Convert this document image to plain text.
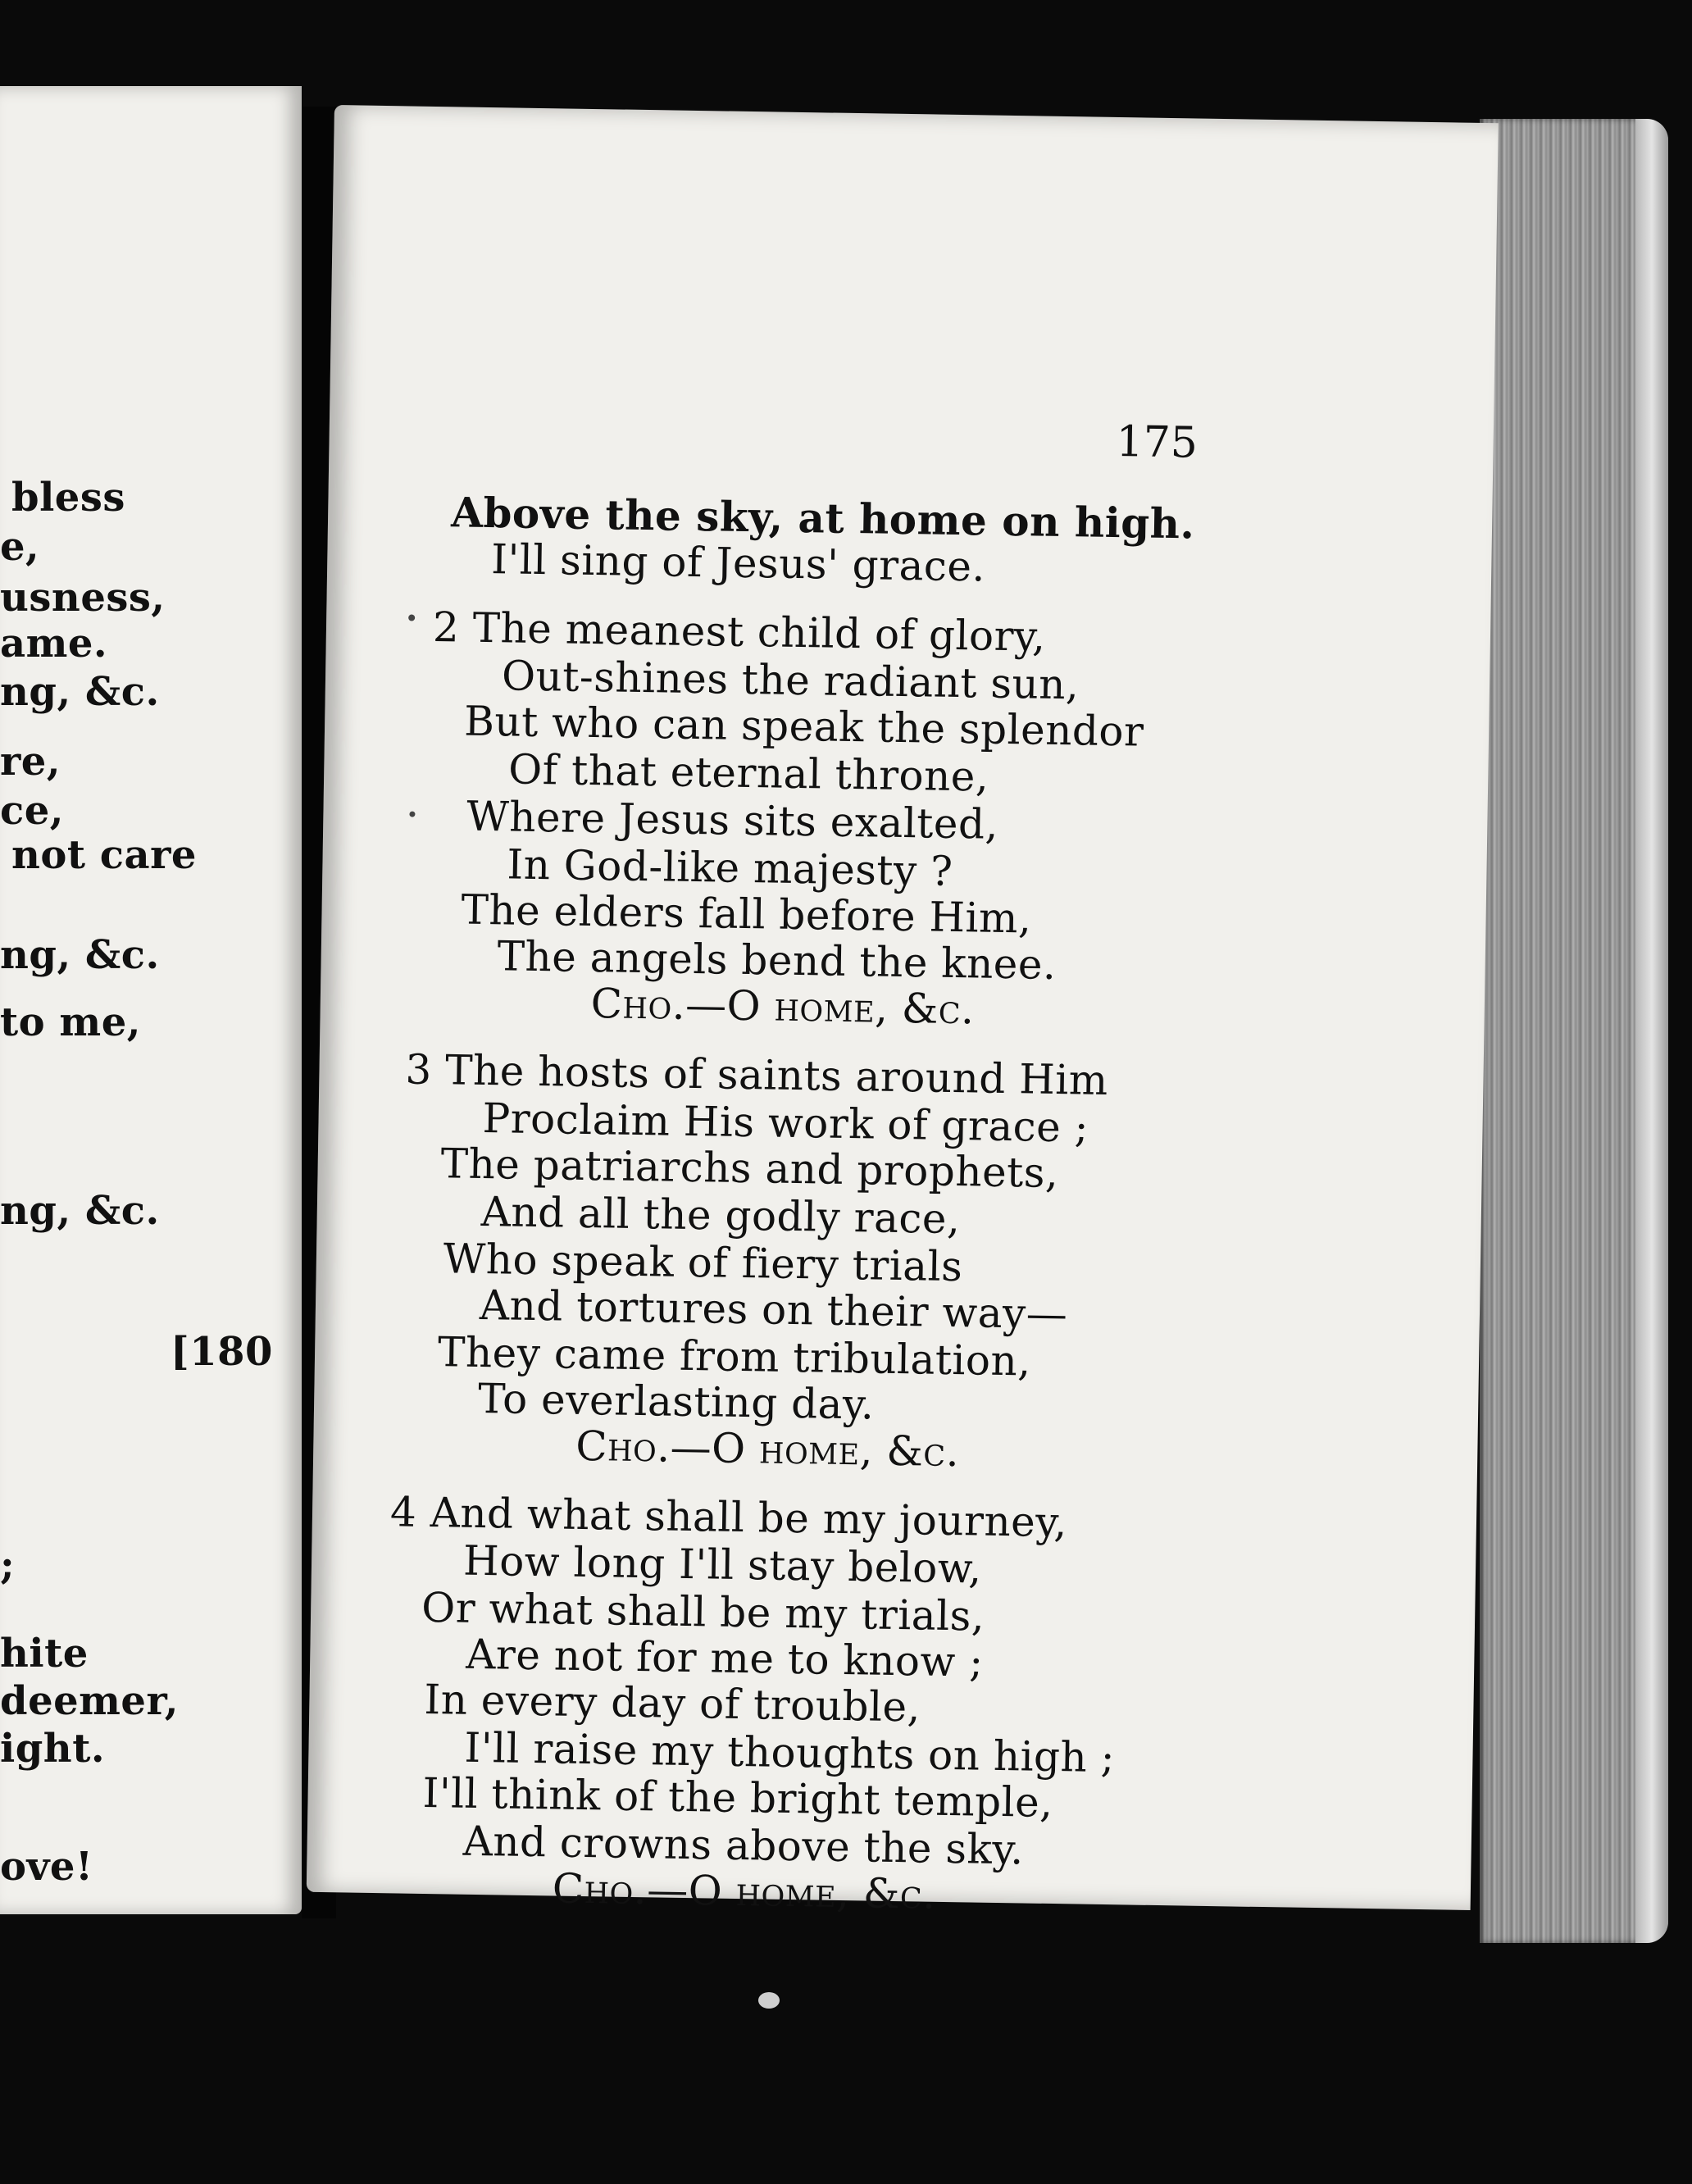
bless
e,
usness,
ame.
ng, &c.
re,
ce,
not care
ng, &c.
to me,
ng, &c.
[180
;
hite
deemer,
ight.
ove!
175
Above the sky, at home on high.
I'll sing of Jesus' grace.
2 The meanest child of glory,
Out-shines the radiant sun,
But who can speak the splendor
Of that eternal throne,
Where Jesus sits exalted,
In God-like majesty ?
The elders fall before Him,
The angels bend the knee.
Cho.—O home, &c.
3 The hosts of saints around Him
Proclaim His work of grace ;
The patriarchs and prophets,
And all the godly race,
Who speak of fiery trials
And tortures on their way—
They came from tribulation,
To everlasting day.
Cho.—O home, &c.
4 And what shall be my journey,
How long I'll stay below,
Or what shall be my trials,
Are not for me to know ;
In every day of trouble,
I'll raise my thoughts on high ;
I'll think of the bright temple,
And crowns above the sky.
Cho.—O home, &c.
